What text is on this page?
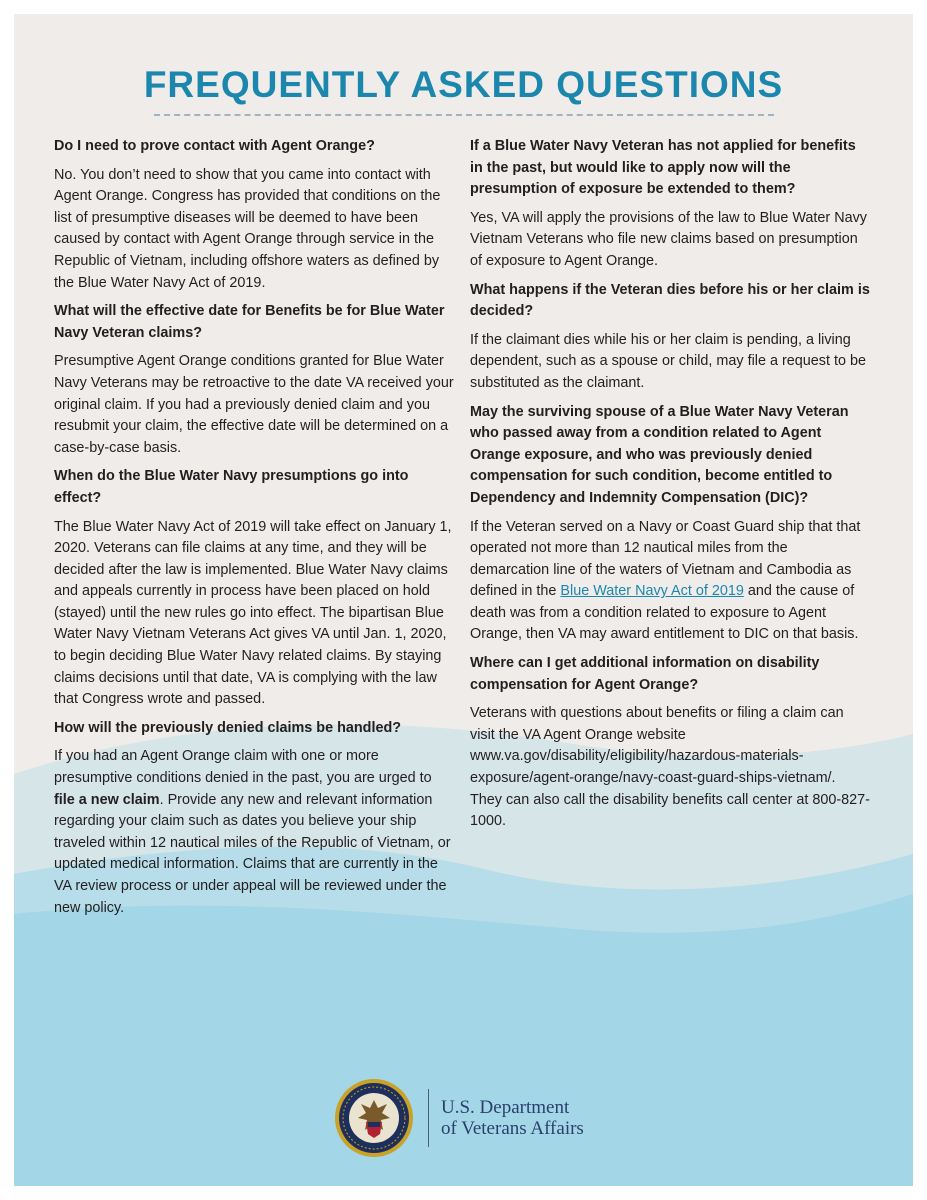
FREQUENTLY ASKED QUESTIONS

Do I need to prove contact with Agent Orange?

No. You don’t need to show that you came into contact with Agent Orange. Congress has provided that conditions on the list of presumptive diseases will be deemed to have been caused by contact with Agent Orange through service in the Republic of Vietnam, including offshore waters as defined by the Blue Water Navy Act of 2019.

What will the effective date for Benefits be for Blue Water Navy Veteran claims?

Presumptive Agent Orange conditions granted for Blue Water Navy Veterans may be retroactive to the date VA received your original claim. If you had a previously denied claim and you resubmit your claim, the effective date will be determined on a case-by-case basis.

When do the Blue Water Navy presumptions go into effect?

The Blue Water Navy Act of 2019 will take effect on January 1, 2020. Veterans can file claims at any time, and they will be decided after the law is implemented. Blue Water Navy claims and appeals currently in process have been placed on hold (stayed) until the new rules go into effect. The bipartisan Blue Water Navy Vietnam Veterans Act gives VA until Jan. 1, 2020, to begin deciding Blue Water Navy related claims. By staying claims decisions until that date, VA is complying with the law that Congress wrote and passed.

How will the previously denied claims be handled?

If you had an Agent Orange claim with one or more presumptive conditions denied in the past, you are urged to file a new claim. Provide any new and relevant information regarding your claim such as dates you believe your ship traveled within 12 nautical miles of the Republic of Vietnam, or updated medical information. Claims that are currently in the VA review process or under appeal will be reviewed under the new policy.

If a Blue Water Navy Veteran has not applied for benefits in the past, but would like to apply now will the presumption of exposure be extended to them?

Yes, VA will apply the provisions of the law to Blue Water Navy Vietnam Veterans who file new claims based on presumption of exposure to Agent Orange.

What happens if the Veteran dies before his or her claim is decided?

If the claimant dies while his or her claim is pending, a living dependent, such as a spouse or child, may file a request to be substituted as the claimant.

May the surviving spouse of a Blue Water Navy Veteran who passed away from a condition related to Agent Orange exposure, and who was previously denied compensation for such condition, become entitled to Dependency and Indemnity Compensation (DIC)?

If the Veteran served on a Navy or Coast Guard ship that that operated not more than 12 nautical miles from the demarcation line of the waters of Vietnam and Cambodia as defined in the Blue Water Navy Act of 2019 and the cause of death was from a condition related to exposure to Agent Orange, then VA may award entitlement to DIC on that basis.

Where can I get additional information on disability compensation for Agent Orange?

Veterans with questions about benefits or filing a claim can visit the VA Agent Orange website www.va.gov/disability/eligibility/hazardous-materials-exposure/agent-orange/navy-coast-guard-ships-vietnam/. They can also call the disability benefits call center at 800-827-1000.

U.S. Department
of Veterans Affairs
